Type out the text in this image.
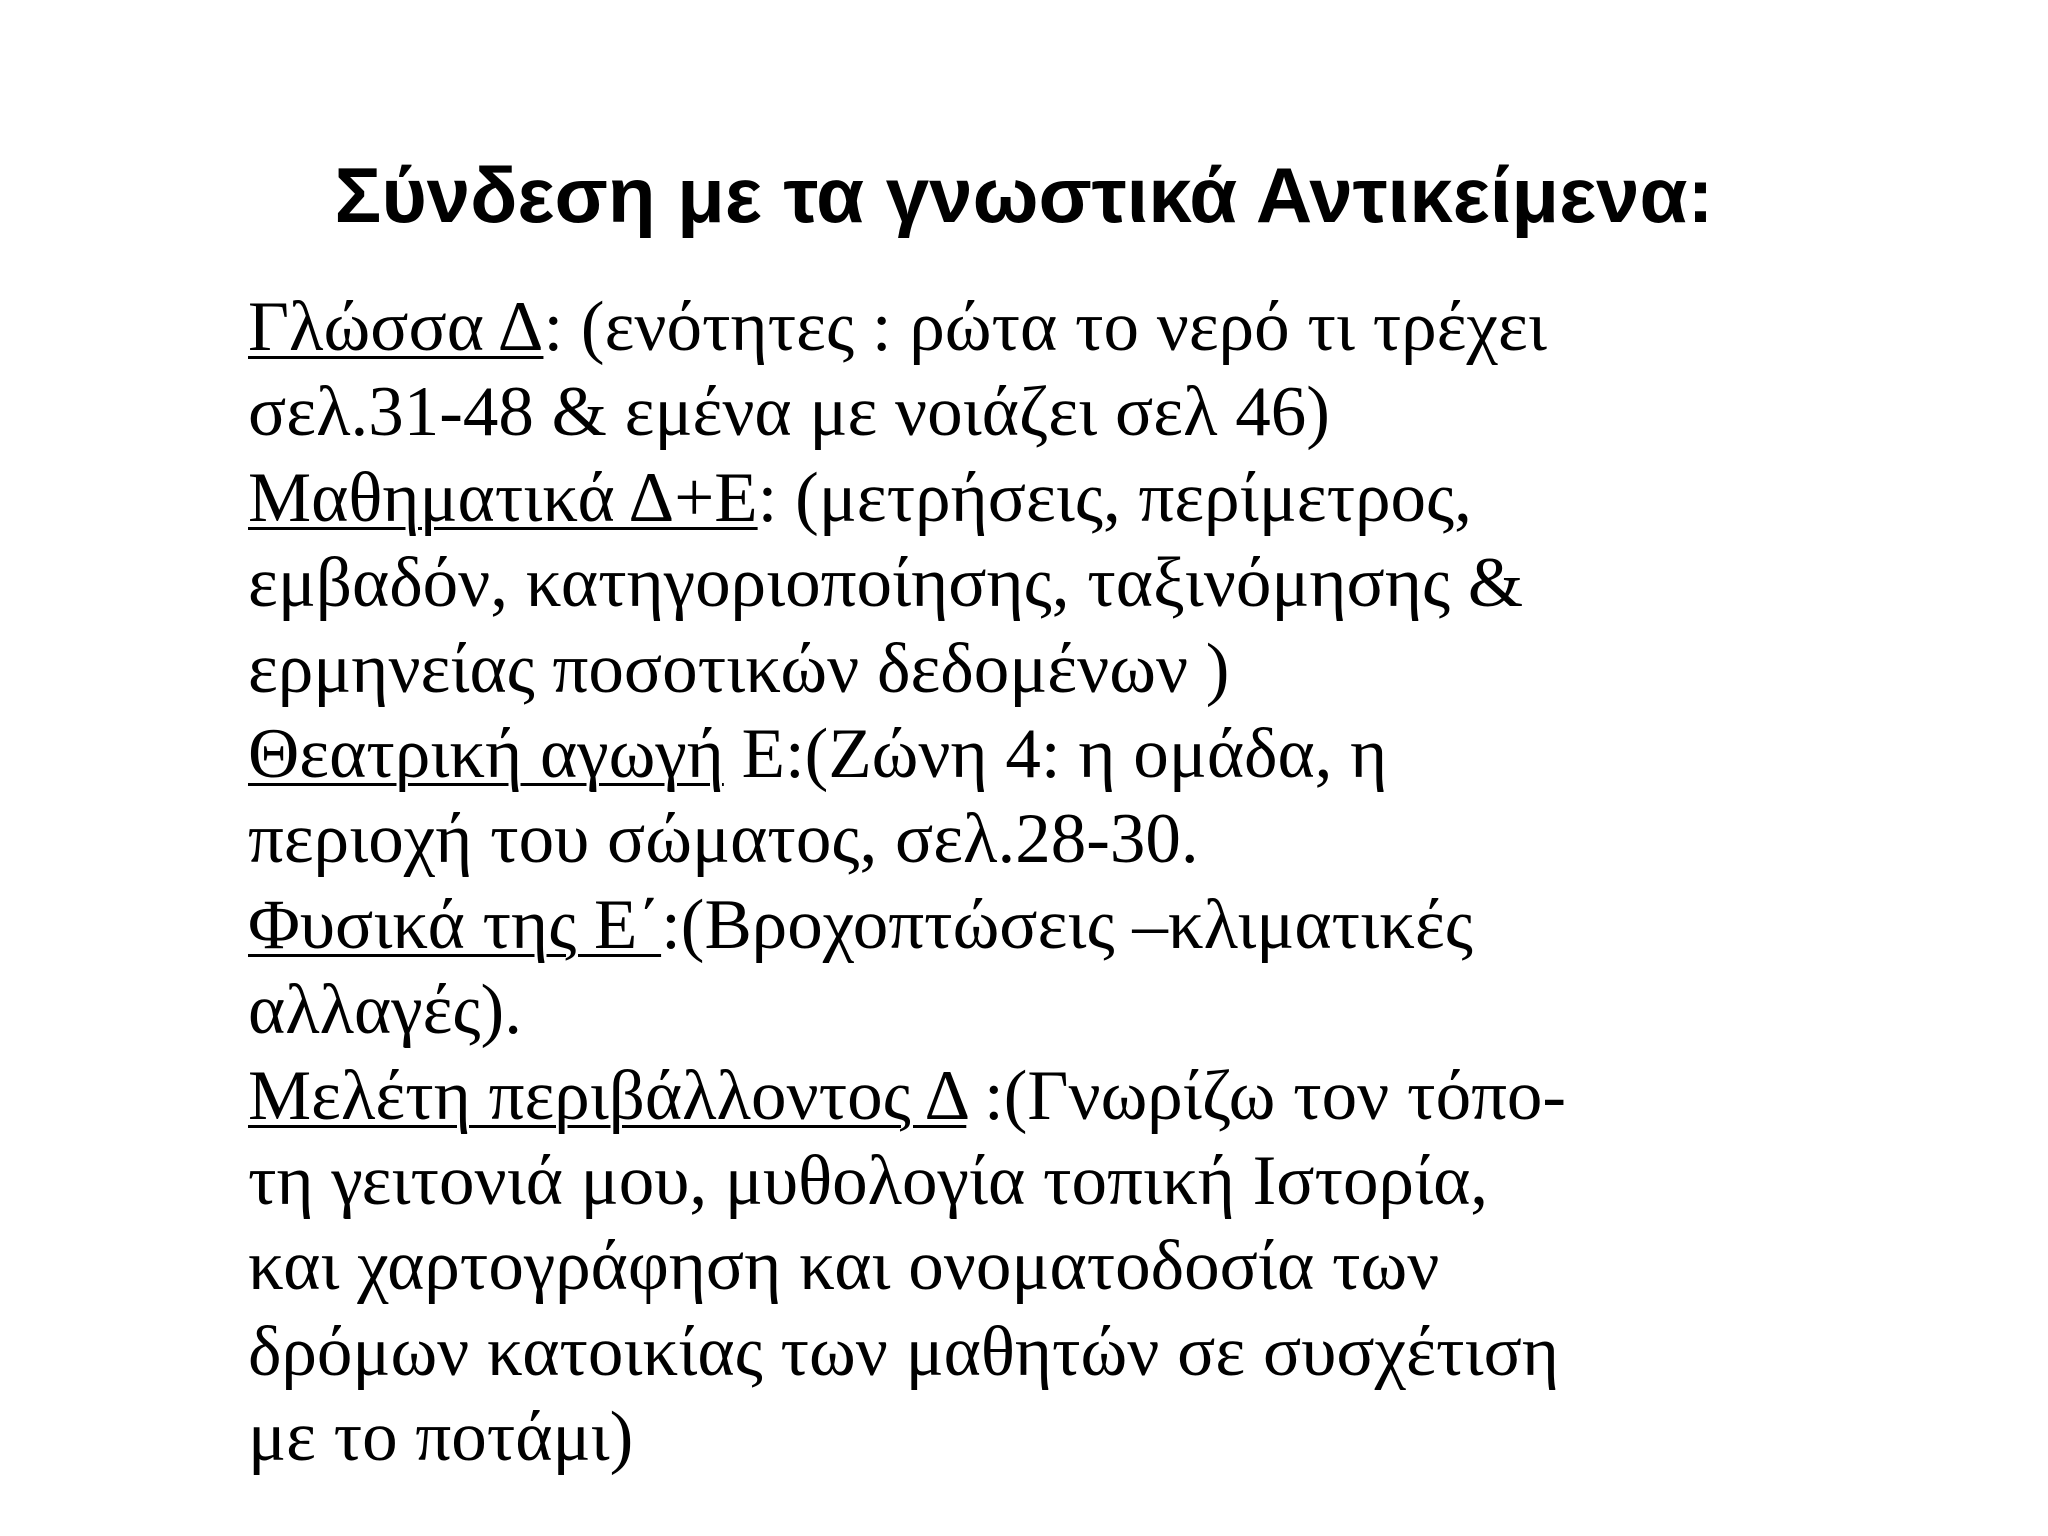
Σύνδεση με τα γνωστικά Αντικείμενα:
Γλώσσα Δ: (ενότητες : ρώτα το νερό τι τρέχει
σελ.31-48 & εμένα με νοιάζει σελ 46)
Μαθηματικά Δ+Ε: (μετρήσεις, περίμετρος,
εμβαδόν, κατηγοριοποίησης, ταξινόμησης &
ερμηνείας ποσοτικών δεδομένων )
Θεατρική αγωγή Ε:(Ζώνη 4: η ομάδα, η
περιοχή του σώματος, σελ.28-30.
Φυσικά της Ε΄:(Βροχοπτώσεις –κλιματικές
αλλαγές).
Μελέτη περιβάλλοντος Δ :(Γνωρίζω τον τόπο-
τη γειτονιά μου, μυθολογία τοπική Ιστορία,
και χαρτογράφηση και ονοματοδοσία των
δρόμων κατοικίας των μαθητών σε συσχέτιση
με το ποτάμι)
